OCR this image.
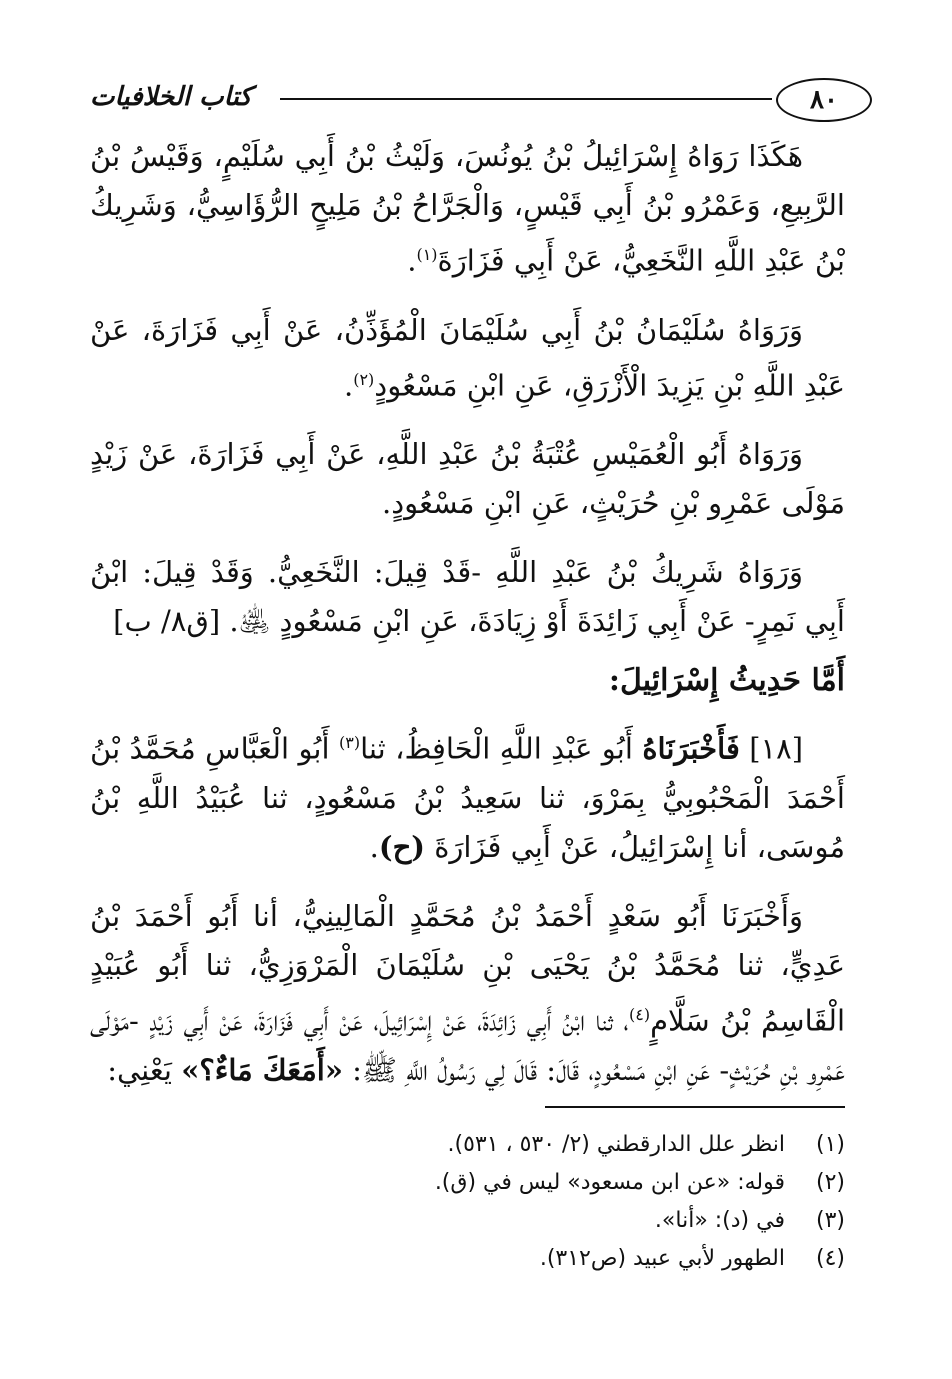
٨٠
كتاب الخلافيات

هَكَذَا رَوَاهُ إِسْرَائِيلُ بْنُ يُونُسَ، وَلَيْثُ بْنُ أَبِي سُلَيْمٍ، وَقَيْسُ بْنُ الرَّبِيعِ، وَعَمْرُو بْنُ أَبِي قَيْسٍ، وَالْجَرَّاحُ بْنُ مَلِيحٍ الرُّؤَاسِيُّ، وَشَرِيكُ بْنُ عَبْدِ اللَّهِ النَّخَعِيُّ، عَنْ أَبِي فَزَارَةَ$^{(١)}$.

وَرَوَاهُ سُلَيْمَانُ بْنُ أَبِي سُلَيْمَانَ الْمُؤَذِّنُ، عَنْ أَبِي فَزَارَةَ، عَنْ عَبْدِ اللَّهِ بْنِ يَزِيدَ الْأَزْرَقِ، عَنِ ابْنِ مَسْعُودٍ$^{(٢)}$.

وَرَوَاهُ أَبُو الْعُمَيْسِ عُتْبَةُ بْنُ عَبْدِ اللَّهِ، عَنْ أَبِي فَزَارَةَ، عَنْ زَيْدٍ مَوْلَى عَمْرِو بْنِ حُرَيْثٍ، عَنِ ابْنِ مَسْعُودٍ.

وَرَوَاهُ شَرِيكُ بْنُ عَبْدِ اللَّهِ -قَدْ قِيلَ: النَّخَعِيُّ. وَقَدْ قِيلَ: ابْنُ أَبِي نَمِرٍ- عَنْ أَبِي زَائِدَةَ أَوْ زِيَادَةَ، عَنِ ابْنِ مَسْعُودٍ ﵁. [ق٨/ ب]

أَمَّا حَدِيثُ إِسْرَائِيلَ:

[١٨] فَأَخْبَرَنَاهُ أَبُو عَبْدِ اللَّهِ الْحَافِظُ، ثنا$^{(٣)}$ أَبُو الْعَبَّاسِ مُحَمَّدُ بْنُ أَحْمَدَ الْمَحْبُوبِيُّ بِمَرْوَ، ثنا سَعِيدُ بْنُ مَسْعُودٍ، ثنا عُبَيْدُ اللَّهِ بْنُ مُوسَى، أنا إِسْرَائِيلُ، عَنْ أَبِي فَزَارَةَ (ح).

وَأَخْبَرَنَا أَبُو سَعْدٍ أَحْمَدُ بْنُ مُحَمَّدٍ الْمَالِينِيُّ، أنا أَبُو أَحْمَدَ بْنُ عَدِيٍّ، ثنا مُحَمَّدُ بْنُ يَحْيَى بْنِ سُلَيْمَانَ الْمَرْوَزِيُّ، ثنا أَبُو عُبَيْدٍ الْقَاسِمُ بْنُ سَلَّامٍ$^{(٤)}$، ثنا ابْنُ أَبِي زَائِدَةَ، عَنْ إِسْرَائِيلَ، عَنْ أَبِي فَزَارَةَ، عَنْ أَبِي زَيْدٍ -مَوْلَى عَمْرِو بْنِ حُرَيْثٍ- عَنِ ابْنِ مَسْعُودٍ، قَالَ: قَالَ لِي رَسُولُ اللَّهِ ﷺ: «أَمَعَكَ مَاءٌ؟» يَعْنِي:

(١)انظر علل الدارقطني (٢/ ٥٣٠ ، ٥٣١).
(٢)قوله: «عن ابن مسعود» ليس في (ق).
(٣)في (د): «أنا».
(٤)الطهور لأبي عبيد (ص٣١٢).
